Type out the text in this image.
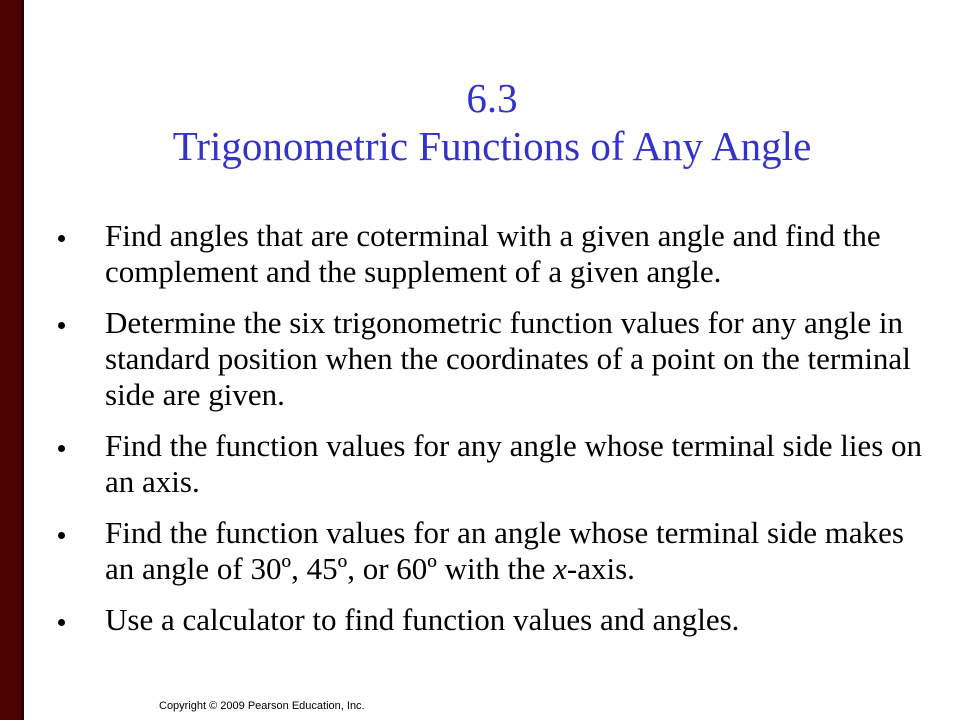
6.3
Trigonometric Functions of Any Angle
Find angles that are coterminal with a given angle and find the complement and the supplement of a given angle.
Determine the six trigonometric function values for any angle in standard position when the coordinates of a point on the terminal side are given.
Find the function values for any angle whose terminal side lies on an axis.
Find the function values for an angle whose terminal side makes an angle of 30º, 45º, or 60º with the x-axis.
Use a calculator to find function values and angles.
Copyright © 2009 Pearson Education, Inc.
